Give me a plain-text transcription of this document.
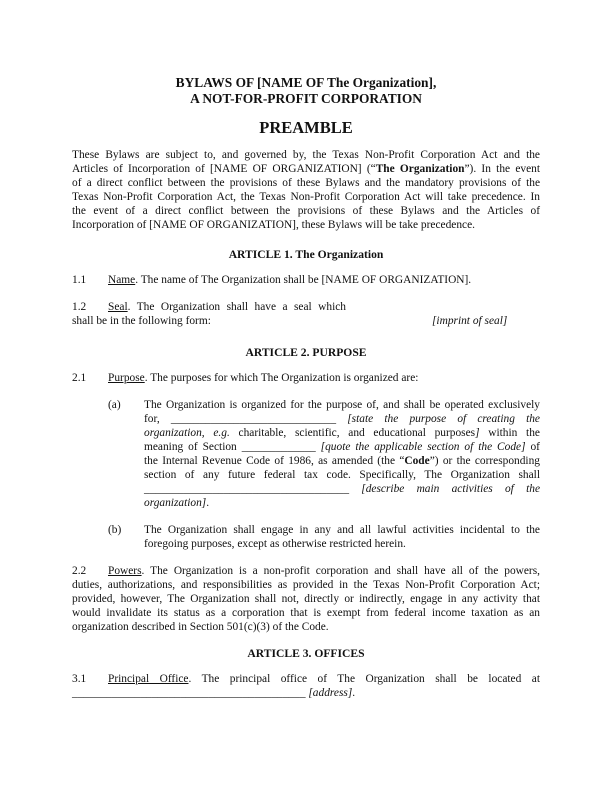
BYLAWS OF [NAME OF The Organization],
A NOT-FOR-PROFIT CORPORATION
PREAMBLE
These Bylaws are subject to, and governed by, the Texas Non-Profit Corporation Act and the
Articles of Incorporation of [NAME OF ORGANIZATION] (“The Organization”). In the event
of a direct conflict between the provisions of these Bylaws and the mandatory provisions of the
Texas Non-Profit Corporation Act, the Texas Non-Profit Corporation Act will take precedence. In
the event of a direct conflict between the provisions of these Bylaws and the Articles of
Incorporation of [NAME OF ORGANIZATION], these Bylaws will be take precedence.
ARTICLE 1. The Organization
1.1 Name. The name of The Organization shall be [NAME OF ORGANIZATION].
1.2 Seal. The Organization shall have a seal which
shall be in the following form:	[imprint of seal]
ARTICLE 2. PURPOSE
2.1 Purpose. The purposes for which The Organization is organized are:
(a) The Organization is organized for the purpose of, and shall be operated exclusively
for, _____________________________ [state the purpose of creating the
organization, e.g. charitable, scientific, and educational purposes] within the
meaning of Section _____________ [quote the applicable section of the Code] of
the Internal Revenue Code of 1986, as amended (the “Code”) or the corresponding
section of any future federal tax code. Specifically, The Organization shall
____________________________________ [describe main activities of the
organization].
(b) The Organization shall engage in any and all lawful activities incidental to the
foregoing purposes, except as otherwise restricted herein.
2.2 Powers. The Organization is a non-profit corporation and shall have all of the powers,
duties, authorizations, and responsibilities as provided in the Texas Non-Profit Corporation Act;
provided, however, The Organization shall not, directly or indirectly, engage in any activity that
would invalidate its status as a corporation that is exempt from federal income taxation as an
organization described in Section 501(c)(3) of the Code.
ARTICLE 3. OFFICES
3.1 Principal Office. The principal office of The Organization shall be located at
_________________________________________ [address].
